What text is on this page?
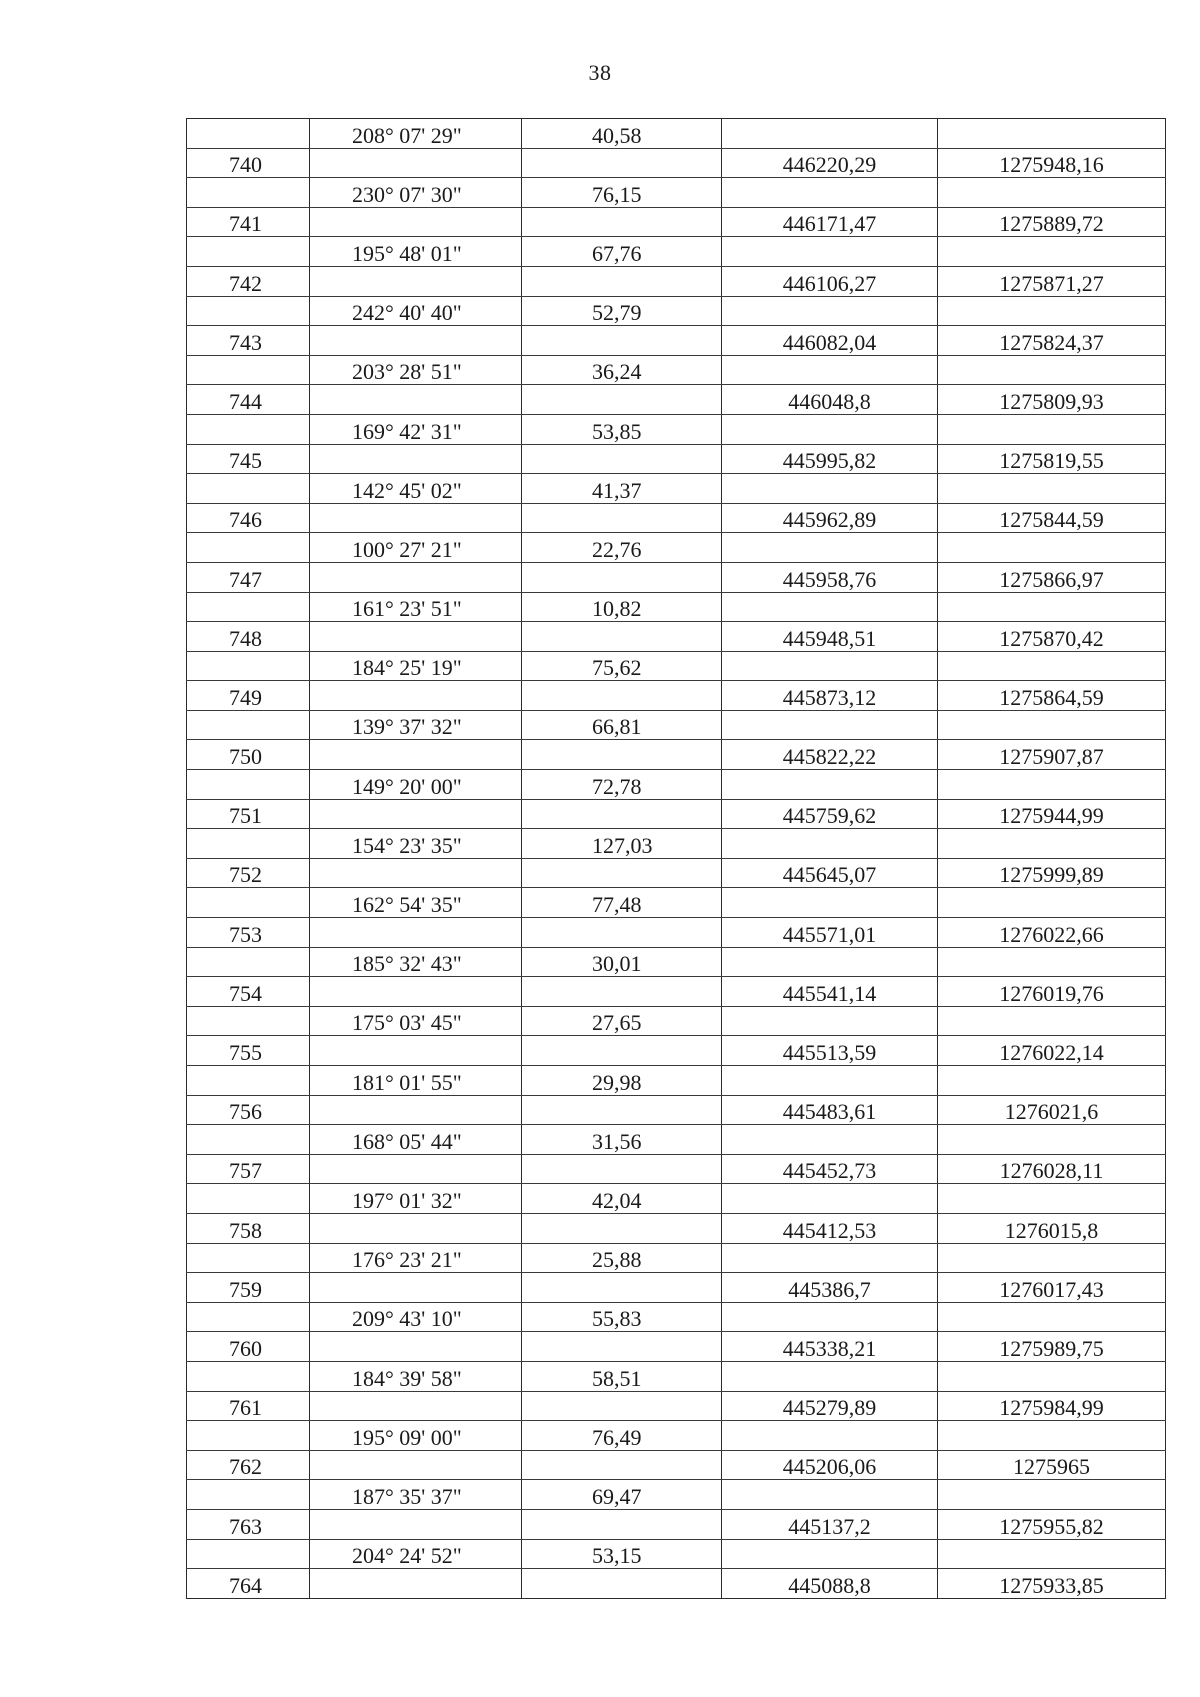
38
	208° 07' 29"	40,58		
740			446220,29	1275948,16
	230° 07' 30"	76,15		
741			446171,47	1275889,72
	195° 48' 01"	67,76		
742			446106,27	1275871,27
	242° 40' 40"	52,79		
743			446082,04	1275824,37
	203° 28' 51"	36,24		
744			446048,8	1275809,93
	169° 42' 31"	53,85		
745			445995,82	1275819,55
	142° 45' 02"	41,37		
746			445962,89	1275844,59
	100° 27' 21"	22,76		
747			445958,76	1275866,97
	161° 23' 51"	10,82		
748			445948,51	1275870,42
	184° 25' 19"	75,62		
749			445873,12	1275864,59
	139° 37' 32"	66,81		
750			445822,22	1275907,87
	149° 20' 00"	72,78		
751			445759,62	1275944,99
	154° 23' 35"	127,03		
752			445645,07	1275999,89
	162° 54' 35"	77,48		
753			445571,01	1276022,66
	185° 32' 43"	30,01		
754			445541,14	1276019,76
	175° 03' 45"	27,65		
755			445513,59	1276022,14
	181° 01' 55"	29,98		
756			445483,61	1276021,6
	168° 05' 44"	31,56		
757			445452,73	1276028,11
	197° 01' 32"	42,04		
758			445412,53	1276015,8
	176° 23' 21"	25,88		
759			445386,7	1276017,43
	209° 43' 10"	55,83		
760			445338,21	1275989,75
	184° 39' 58"	58,51		
761			445279,89	1275984,99
	195° 09' 00"	76,49		
762			445206,06	1275965
	187° 35' 37"	69,47		
763			445137,2	1275955,82
	204° 24' 52"	53,15		
764			445088,8	1275933,85
